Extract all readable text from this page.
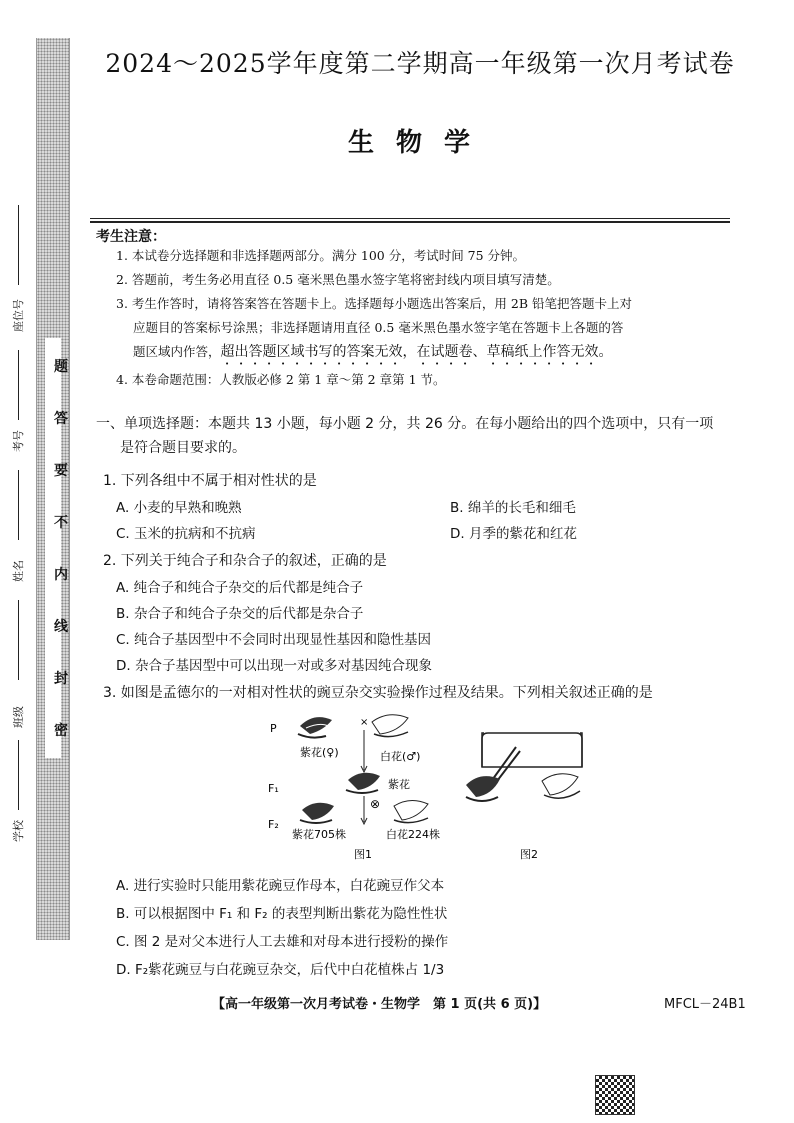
题
答
要
不
内
线
封
密
座位号
考号
姓名
班级
学校
2024～2025学年度第二学期高一年级第一次月考试卷
生物学
考生注意：
1. 本试卷分选择题和非选择题两部分。满分 100 分，考试时间 75 分钟。
2. 答题前，考生务必用直径 0.5 毫米黑色墨水签字笔将密封线内项目填写清楚。
3. 考生作答时，请将答案答在答题卡上。选择题每小题选出答案后，用 2B 铅笔把答题卡上对
应题目的答案标号涂黑；非选择题请用直径 0.5 毫米黑色墨水签字笔在答题卡上各题的答
题区域内作答，超出答题区域书写的答案无效，在试题卷、草稿纸上作答无效。
4. 本卷命题范围：人教版必修 2 第 1 章～第 2 章第 1 节。
一、单项选择题：本题共 13 小题，每小题 2 分，共 26 分。在每小题给出的四个选项中，只有一项
是符合题目要求的。
1. 下列各组中不属于相对性状的是
A. 小麦的早熟和晚熟	B. 绵羊的长毛和细毛
C. 玉米的抗病和不抗病	D. 月季的紫花和红花
2. 下列关于纯合子和杂合子的叙述，正确的是
A. 纯合子和纯合子杂交的后代都是纯合子
B. 杂合子和纯合子杂交的后代都是杂合子
C. 纯合子基因型中不会同时出现显性基因和隐性基因
D. 杂合子基因型中可以出现一对或多对基因纯合现象
3. 如图是孟德尔的一对相对性状的豌豆杂交实验操作过程及结果。下列相关叙述正确的是
P
F₁
F₂
×
紫花(♀)	白花(♂)
紫花
⊗
紫花705株	白花224株
图1	图2
A. 进行实验时只能用紫花豌豆作母本，白花豌豆作父本
B. 可以根据图中 F₁ 和 F₂ 的表型判断出紫花为隐性性状
C. 图 2 是对父本进行人工去雄和对母本进行授粉的操作
D. F₂紫花豌豆与白花豌豆杂交，后代中白花植株占 1/3
【高一年级第一次月考试卷・生物学　第 1 页(共 6 页)】	MFCL－24B1
